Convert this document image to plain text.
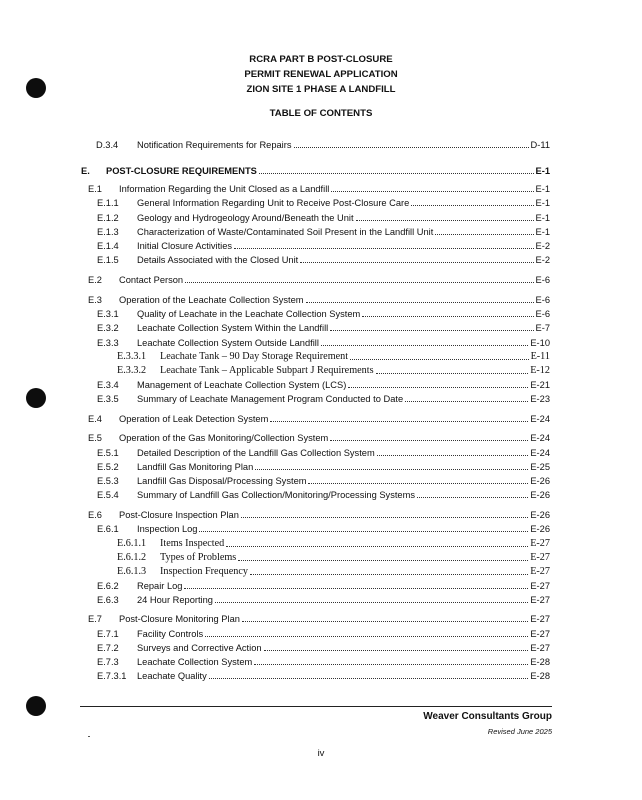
RCRA PART B POST-CLOSURE
PERMIT RENEWAL APPLICATION
ZION SITE 1 PHASE A LANDFILL
TABLE OF CONTENTS
D.3.4 Notification Requirements for Repairs	D-11
E. POST-CLOSURE REQUIREMENTS	E-1
E.1 Information Regarding the Unit Closed as a Landfill	E-1
E.1.1 General Information Regarding Unit to Receive Post-Closure Care	E-1
E.1.2 Geology and Hydrogeology Around/Beneath the Unit	E-1
E.1.3 Characterization of Waste/Contaminated Soil Present in the Landfill Unit	E-1
E.1.4 Initial Closure Activities	E-2
E.1.5 Details Associated with the Closed Unit	E-2
E.2 Contact Person	E-6
E.3 Operation of the Leachate Collection System	E-6
E.3.1 Quality of Leachate in the Leachate Collection System	E-6
E.3.2 Leachate Collection System Within the Landfill	E-7
E.3.3 Leachate Collection System Outside Landfill	E-10
E.3.3.1 Leachate Tank – 90 Day Storage Requirement	E-11
E.3.3.2 Leachate Tank – Applicable Subpart J Requirements	E-12
E.3.4 Management of Leachate Collection System (LCS)	E-21
E.3.5 Summary of Leachate Management Program Conducted to Date	E-23
E.4 Operation of Leak Detection System	E-24
E.5 Operation of the Gas Monitoring/Collection System	E-24
E.5.1 Detailed Description of the Landfill Gas Collection System	E-24
E.5.2 Landfill Gas Monitoring Plan	E-25
E.5.3 Landfill Gas Disposal/Processing System	E-26
E.5.4 Summary of Landfill Gas Collection/Monitoring/Processing Systems	E-26
E.6 Post-Closure Inspection Plan	E-26
E.6.1 Inspection Log	E-26
E.6.1.1 Items Inspected	E-27
E.6.1.2 Types of Problems	E-27
E.6.1.3 Inspection Frequency	E-27
E.6.2 Repair Log	E-27
E.6.3 24 Hour Reporting	E-27
E.7 Post-Closure Monitoring Plan	E-27
E.7.1 Facility Controls	E-27
E.7.2 Surveys and Corrective Action	E-27
E.7.3 Leachate Collection System	E-28
E.7.3.1 Leachate Quality	E-28
Weaver Consultants Group
Revised June 2025
iv
